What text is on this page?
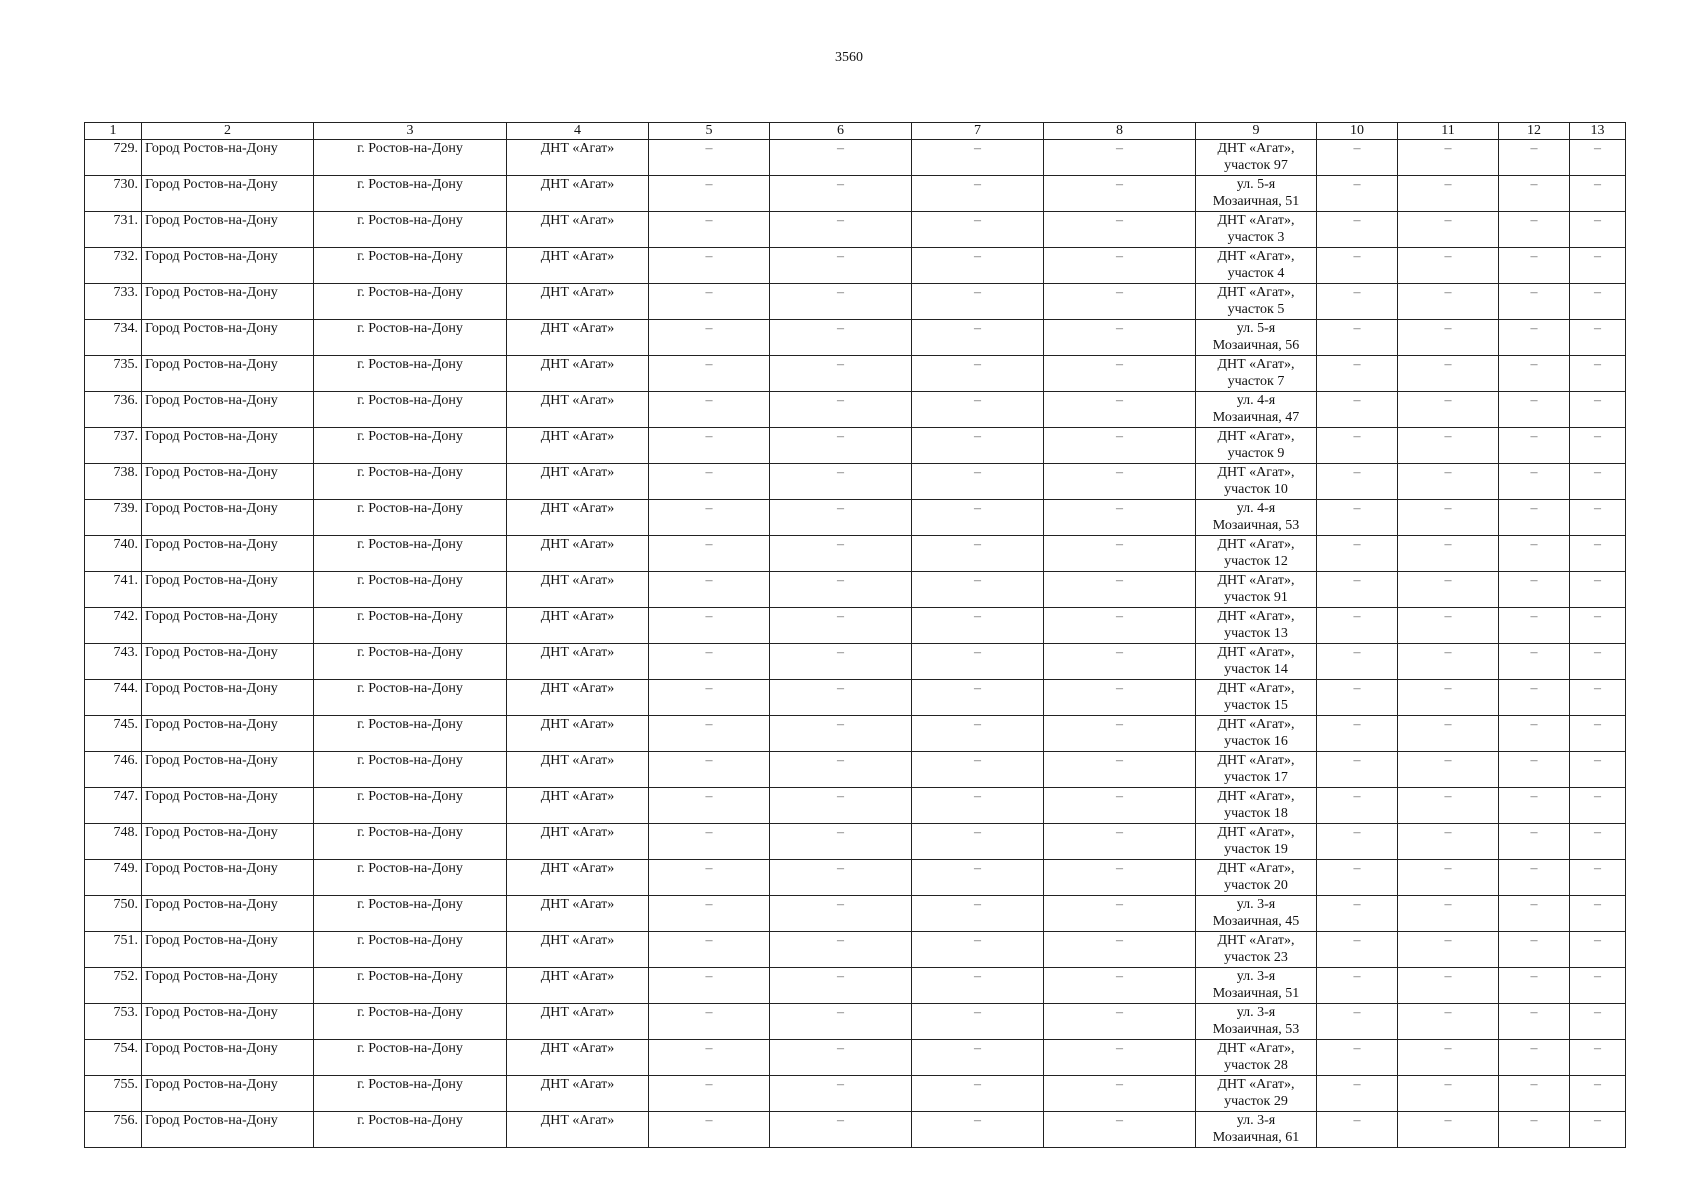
3560
1	2	3	4	5	6	7	8	9	10	11	12	13
729.	Город Ростов-на-Дону	г. Ростов-на-Дону	ДНТ «Агат»	–	–	–	–	ДНТ «Агат»,
участок 97	–	–	–	–
730.	Город Ростов-на-Дону	г. Ростов-на-Дону	ДНТ «Агат»	–	–	–	–	ул. 5-я
Мозаичная, 51	–	–	–	–
731.	Город Ростов-на-Дону	г. Ростов-на-Дону	ДНТ «Агат»	–	–	–	–	ДНТ «Агат»,
участок 3	–	–	–	–
732.	Город Ростов-на-Дону	г. Ростов-на-Дону	ДНТ «Агат»	–	–	–	–	ДНТ «Агат»,
участок 4	–	–	–	–
733.	Город Ростов-на-Дону	г. Ростов-на-Дону	ДНТ «Агат»	–	–	–	–	ДНТ «Агат»,
участок 5	–	–	–	–
734.	Город Ростов-на-Дону	г. Ростов-на-Дону	ДНТ «Агат»	–	–	–	–	ул. 5-я
Мозаичная, 56	–	–	–	–
735.	Город Ростов-на-Дону	г. Ростов-на-Дону	ДНТ «Агат»	–	–	–	–	ДНТ «Агат»,
участок 7	–	–	–	–
736.	Город Ростов-на-Дону	г. Ростов-на-Дону	ДНТ «Агат»	–	–	–	–	ул. 4-я
Мозаичная, 47	–	–	–	–
737.	Город Ростов-на-Дону	г. Ростов-на-Дону	ДНТ «Агат»	–	–	–	–	ДНТ «Агат»,
участок 9	–	–	–	–
738.	Город Ростов-на-Дону	г. Ростов-на-Дону	ДНТ «Агат»	–	–	–	–	ДНТ «Агат»,
участок 10	–	–	–	–
739.	Город Ростов-на-Дону	г. Ростов-на-Дону	ДНТ «Агат»	–	–	–	–	ул. 4-я
Мозаичная, 53	–	–	–	–
740.	Город Ростов-на-Дону	г. Ростов-на-Дону	ДНТ «Агат»	–	–	–	–	ДНТ «Агат»,
участок 12	–	–	–	–
741.	Город Ростов-на-Дону	г. Ростов-на-Дону	ДНТ «Агат»	–	–	–	–	ДНТ «Агат»,
участок 91	–	–	–	–
742.	Город Ростов-на-Дону	г. Ростов-на-Дону	ДНТ «Агат»	–	–	–	–	ДНТ «Агат»,
участок 13	–	–	–	–
743.	Город Ростов-на-Дону	г. Ростов-на-Дону	ДНТ «Агат»	–	–	–	–	ДНТ «Агат»,
участок 14	–	–	–	–
744.	Город Ростов-на-Дону	г. Ростов-на-Дону	ДНТ «Агат»	–	–	–	–	ДНТ «Агат»,
участок 15	–	–	–	–
745.	Город Ростов-на-Дону	г. Ростов-на-Дону	ДНТ «Агат»	–	–	–	–	ДНТ «Агат»,
участок 16	–	–	–	–
746.	Город Ростов-на-Дону	г. Ростов-на-Дону	ДНТ «Агат»	–	–	–	–	ДНТ «Агат»,
участок 17	–	–	–	–
747.	Город Ростов-на-Дону	г. Ростов-на-Дону	ДНТ «Агат»	–	–	–	–	ДНТ «Агат»,
участок 18	–	–	–	–
748.	Город Ростов-на-Дону	г. Ростов-на-Дону	ДНТ «Агат»	–	–	–	–	ДНТ «Агат»,
участок 19	–	–	–	–
749.	Город Ростов-на-Дону	г. Ростов-на-Дону	ДНТ «Агат»	–	–	–	–	ДНТ «Агат»,
участок 20	–	–	–	–
750.	Город Ростов-на-Дону	г. Ростов-на-Дону	ДНТ «Агат»	–	–	–	–	ул. 3-я
Мозаичная, 45	–	–	–	–
751.	Город Ростов-на-Дону	г. Ростов-на-Дону	ДНТ «Агат»	–	–	–	–	ДНТ «Агат»,
участок 23	–	–	–	–
752.	Город Ростов-на-Дону	г. Ростов-на-Дону	ДНТ «Агат»	–	–	–	–	ул. 3-я
Мозаичная, 51	–	–	–	–
753.	Город Ростов-на-Дону	г. Ростов-на-Дону	ДНТ «Агат»	–	–	–	–	ул. 3-я
Мозаичная, 53	–	–	–	–
754.	Город Ростов-на-Дону	г. Ростов-на-Дону	ДНТ «Агат»	–	–	–	–	ДНТ «Агат»,
участок 28	–	–	–	–
755.	Город Ростов-на-Дону	г. Ростов-на-Дону	ДНТ «Агат»	–	–	–	–	ДНТ «Агат»,
участок 29	–	–	–	–
756.	Город Ростов-на-Дону	г. Ростов-на-Дону	ДНТ «Агат»	–	–	–	–	ул. 3-я
Мозаичная, 61	–	–	–	–
